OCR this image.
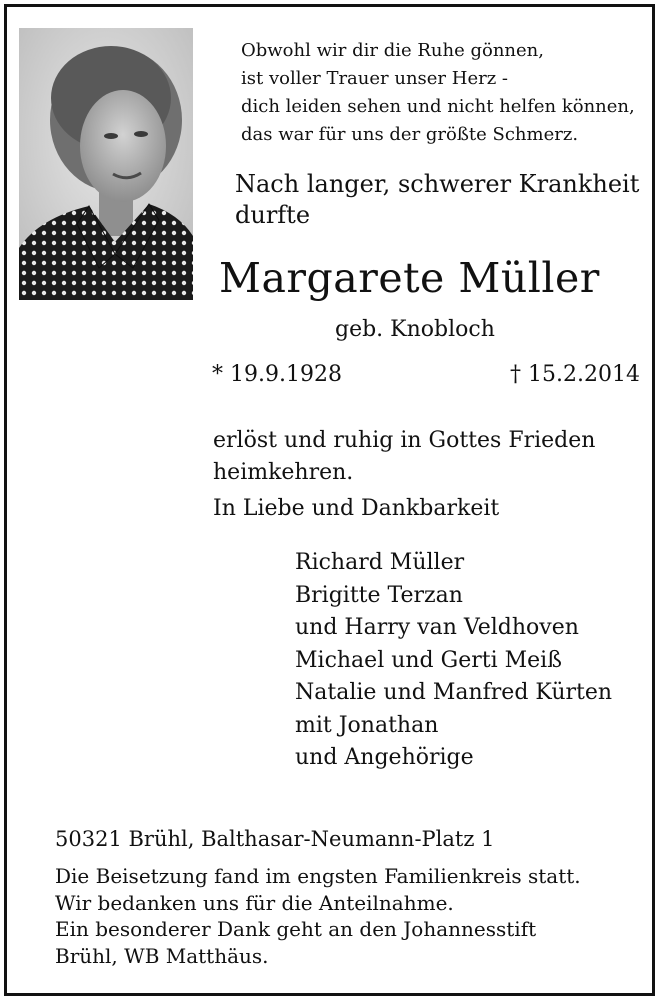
Obwohl wir dir die Ruhe gönnen,
ist voller Trauer unser Herz -
dich leiden sehen und nicht helfen können,
das war für uns der größte Schmerz.
Nach langer, schwerer Krankheit
durfte
Margarete Müller
geb. Knobloch
* 19.9.1928	† 15.2.2014
erlöst und ruhig in Gottes Frieden
heimkehren.
In Liebe und Dankbarkeit
Richard Müller
Brigitte Terzan
und Harry van Veldhoven
Michael und Gerti Meiß
Natalie und Manfred Kürten
mit Jonathan
und Angehörige
50321 Brühl, Balthasar-Neumann-Platz 1
Die Beisetzung fand im engsten Familienkreis statt.
Wir bedanken uns für die Anteilnahme.
Ein besonderer Dank geht an den Johannesstift
Brühl, WB Matthäus.
